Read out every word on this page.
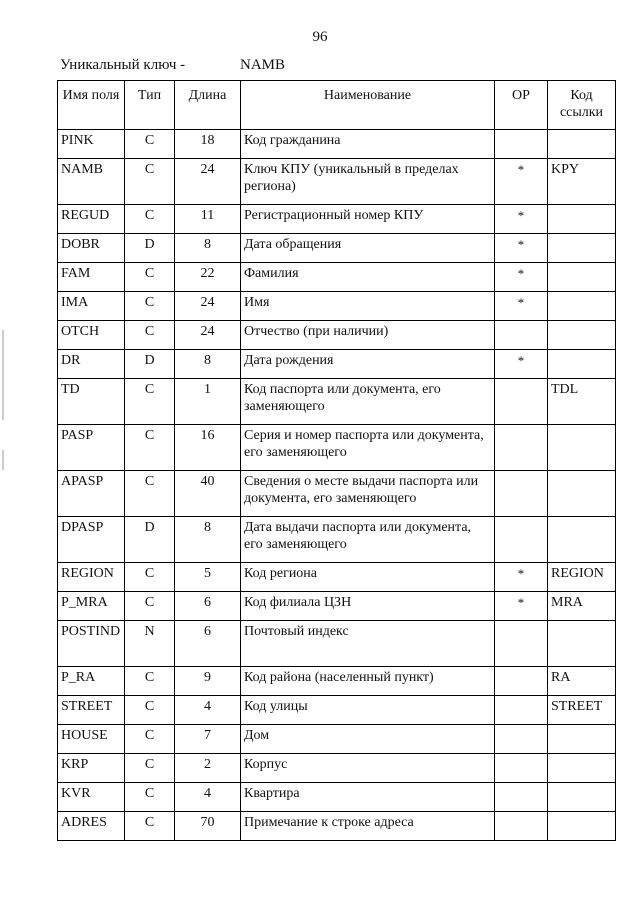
96
Уникальный ключ -	NAMB
Имя поля	Тип	Длина	Наименование	ОР	Код ссылки
PINK	C	18	Код гражданина		
NAMB	C	24	Ключ КПУ (уникальный в пределах региона)	*	KPY
REGUD	C	11	Регистрационный номер КПУ	*	
DOBR	D	8	Дата обращения	*	
FAM	C	22	Фамилия	*	
IMA	C	24	Имя	*	
OTCH	C	24	Отчество (при наличии)		
DR	D	8	Дата рождения	*	
TD	C	1	Код паспорта или документа, его заменяющего		TDL
PASP	C	16	Серия и номер паспорта или документа, его заменяющего		
APASP	C	40	Сведения о месте выдачи паспорта или документа, его заменяющего		
DPASP	D	8	Дата выдачи паспорта или документа, его заменяющего		
REGION	C	5	Код региона	*	REGION
P_MRA	C	6	Код филиала ЦЗН	*	MRA
POSTIND	N	6	Почтовый индекс		
P_RA	C	9	Код района (населенный пункт)		RA
STREET	C	4	Код улицы		STREET
HOUSE	C	7	Дом		
KRP	C	2	Корпус		
KVR	C	4	Квартира		
ADRES	C	70	Примечание к строке адреса		
